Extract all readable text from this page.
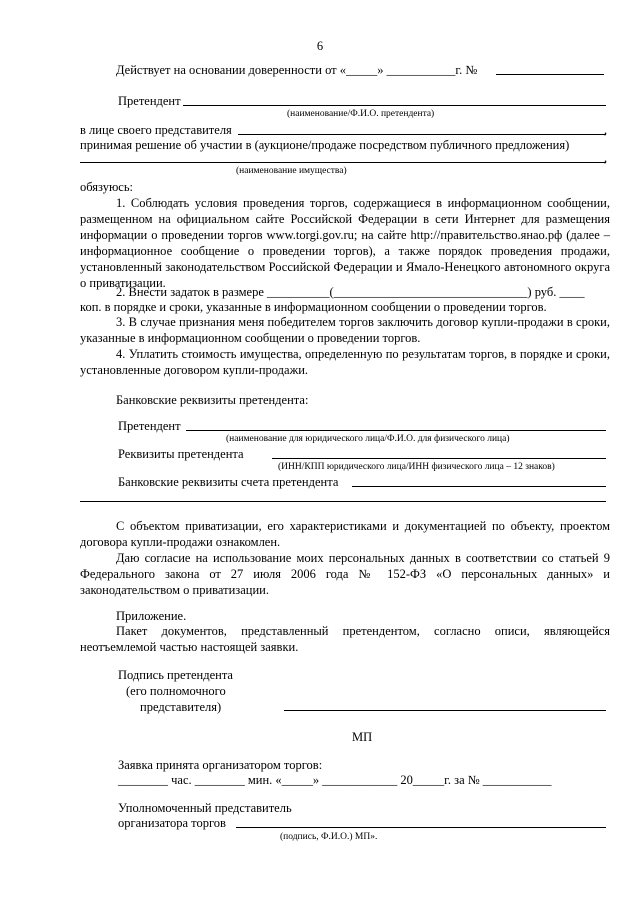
6
Действует на основании доверенности от «_____» ___________г. №
Претендент
(наименование/Ф.И.О. претендента)
в лице своего представителя	,
принимая решение об участии в (аукционе/продаже посредством публичного предложения)
,
(наименование имущества)
обязуюсь:
1. Соблюдать условия проведения торгов, содержащиеся в информационном сообщении, размещенном на официальном сайте Российской Федерации в сети Интернет для размещения информации о проведении торгов www.torgi.gov.ru; на сайте http://правительство.янао.рф (далее – информационное сообщение о проведении торгов), а также порядок проведения продажи, установленный законодательством Российской Федерации и Ямало-Ненецкого автономного округа о приватизации.
2. Внести задаток в размере __________(_______________________________) руб. ____
коп. в порядке и сроки, указанные в информационном сообщении о проведении торгов.
3. В случае признания меня победителем торгов заключить договор купли-продажи в сроки, указанные в информационном сообщении о проведении торгов.
4. Уплатить стоимость имущества, определенную по результатам торгов, в порядке и сроки, установленные договором купли-продажи.
Банковские реквизиты претендента:
Претендент
(наименование для юридического лица/Ф.И.О. для физического лица)
Реквизиты претендента
(ИНН/КПП юридического лица/ИНН физического лица – 12 знаков)
Банковские реквизиты счета претендента
С объектом приватизации, его характеристиками и документацией по объекту, проектом договора купли-продажи ознакомлен.
Даю согласие на использование моих персональных данных в соответствии со статьей 9 Федерального закона от 27 июля 2006 года № 152-ФЗ «О персональных данных» и законодательством о приватизации.
Приложение.
Пакет документов, представленный претендентом, согласно описи, являющейся неотъемлемой частью настоящей заявки.
Подпись претендента
(его полномочного
представителя)
МП
Заявка принята организатором торгов:
________ час. ________ мин. «_____» ____________ 20_____г. за № ___________
Уполномоченный представитель
организатора торгов
(подпись, Ф.И.О.) МП».
